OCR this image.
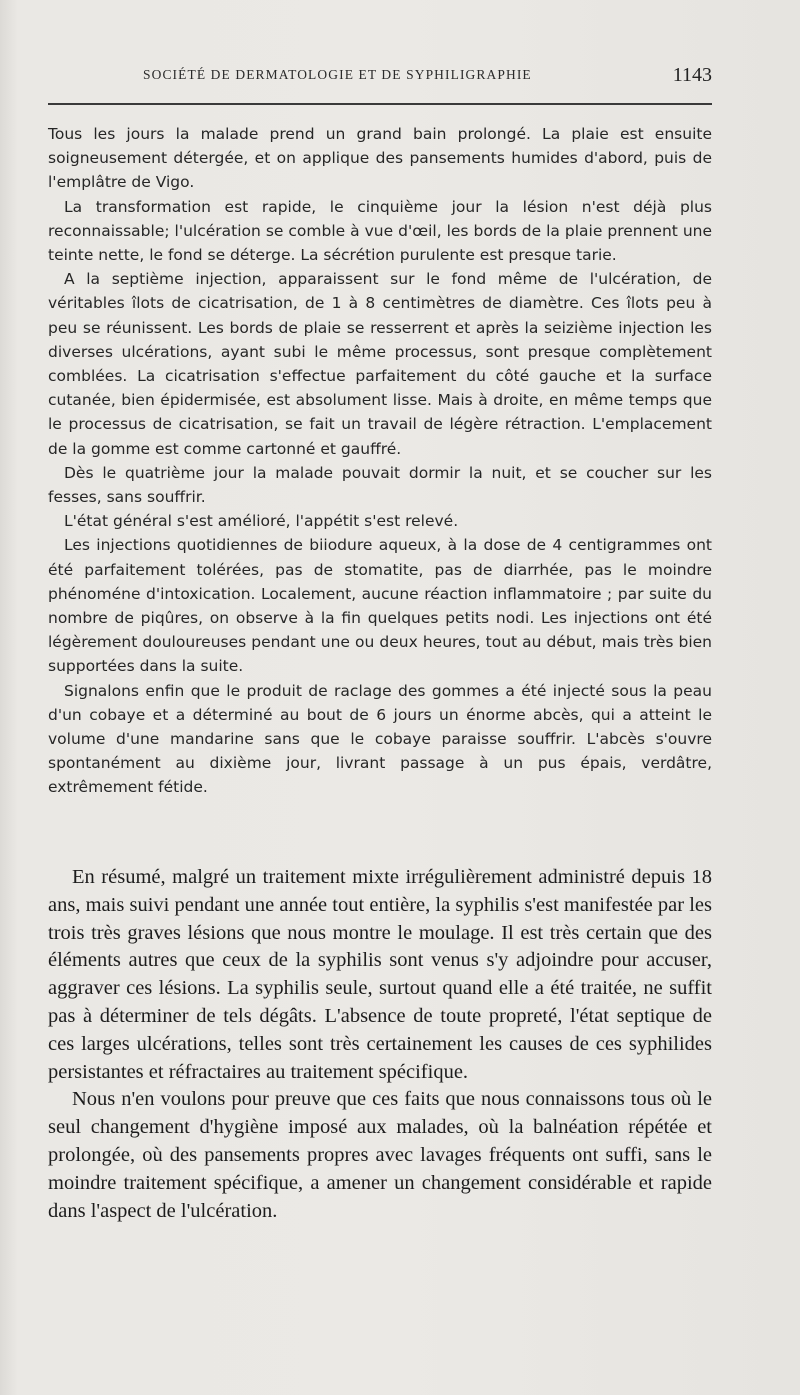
SOCIÉTÉ DE DERMATOLOGIE ET DE SYPHILIGRAPHIE	1143

Tous les jours la malade prend un grand bain prolongé. La plaie est ensuite soigneusement détergée, et on applique des pansements humides d'abord, puis de l'emplâtre de Vigo.

La transformation est rapide, le cinquième jour la lésion n'est déjà plus reconnaissable; l'ulcération se comble à vue d'œil, les bords de la plaie prennent une teinte nette, le fond se déterge. La sécrétion purulente est presque tarie.

A la septième injection, apparaissent sur le fond même de l'ulcération, de véritables îlots de cicatrisation, de 1 à 8 centimètres de diamètre. Ces îlots peu à peu se réunissent. Les bords de plaie se resserrent et après la seizième injection les diverses ulcérations, ayant subi le même processus, sont presque complètement comblées. La cicatrisation s'effectue parfaitement du côté gauche et la surface cutanée, bien épidermisée, est absolument lisse. Mais à droite, en même temps que le processus de cicatrisation, se fait un travail de légère rétraction. L'emplacement de la gomme est comme cartonné et gauffré.

Dès le quatrième jour la malade pouvait dormir la nuit, et se coucher sur les fesses, sans souffrir.

L'état général s'est amélioré, l'appétit s'est relevé.

Les injections quotidiennes de biiodure aqueux, à la dose de 4 centigrammes ont été parfaitement tolérées, pas de stomatite, pas de diarrhée, pas le moindre phénoméne d'intoxication. Localement, aucune réaction inflammatoire ; par suite du nombre de piqûres, on observe à la fin quelques petits nodi. Les injections ont été légèrement douloureuses pendant une ou deux heures, tout au début, mais très bien supportées dans la suite.

Signalons enfin que le produit de raclage des gommes a été injecté sous la peau d'un cobaye et a déterminé au bout de 6 jours un énorme abcès, qui a atteint le volume d'une mandarine sans que le cobaye paraisse souffrir. L'abcès s'ouvre spontanément au dixième jour, livrant passage à un pus épais, verdâtre, extrêmement fétide.

En résumé, malgré un traitement mixte irrégulièrement administré depuis 18 ans, mais suivi pendant une année tout entière, la syphilis s'est manifestée par les trois très graves lésions que nous montre le moulage. Il est très certain que des éléments autres que ceux de la syphilis sont venus s'y adjoindre pour accuser, aggraver ces lésions. La syphilis seule, surtout quand elle a été traitée, ne suffit pas à déterminer de tels dégâts. L'absence de toute propreté, l'état septique de ces larges ulcérations, telles sont très certainement les causes de ces syphilides persistantes et réfractaires au traitement spécifique.

Nous n'en voulons pour preuve que ces faits que nous connaissons tous où le seul changement d'hygiène imposé aux malades, où la balnéation répétée et prolongée, où des pansements propres avec lavages fréquents ont suffi, sans le moindre traitement spécifique, a amener un changement considérable et rapide dans l'aspect de l'ulcération.
